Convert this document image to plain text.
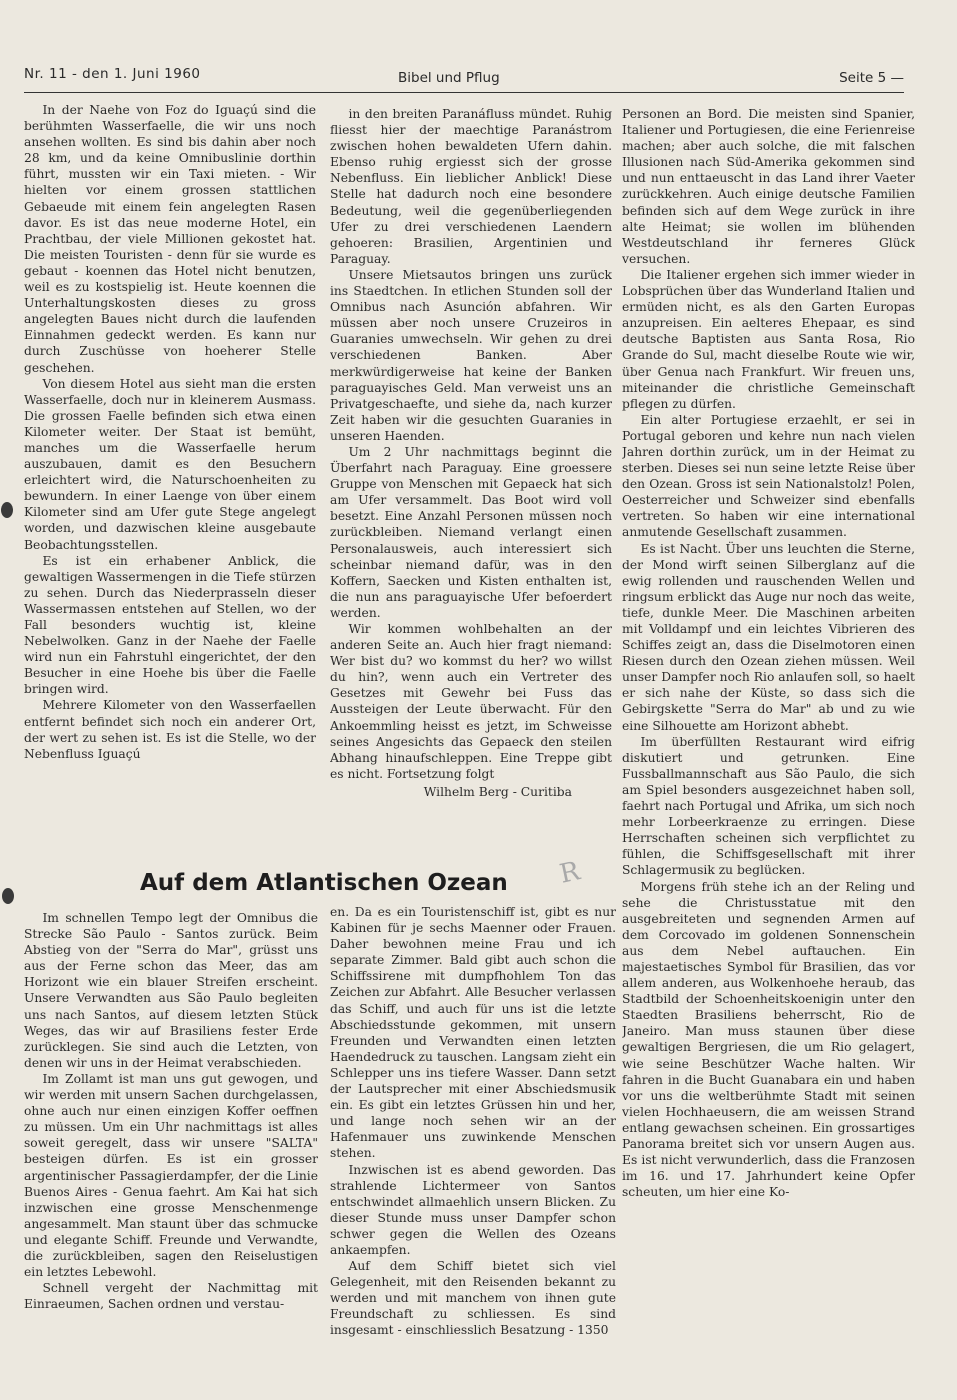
Nr. 11 - den 1. Juni 1960	Bibel und Pflug	Seite 5 —

In der Naehe von Foz do Iguaçú sind die berühmten Wasserfaelle, die wir uns noch ansehen wollten. Es sind bis dahin aber noch 28 km, und da keine Omnibuslinie dorthin führt, mussten wir ein Taxi mieten. - Wir hielten vor einem grossen stattlichen Gebaeude mit einem fein angelegten Rasen davor. Es ist das neue moderne Hotel, ein Prachtbau, der viele Millionen gekostet hat. Die meisten Touristen - denn für sie wurde es gebaut - koennen das Hotel nicht benutzen, weil es zu kostspielig ist. Heute koennen die Unterhaltungskosten dieses zu gross angelegten Baues nicht durch die laufenden Einnahmen gedeckt werden. Es kann nur durch Zuschüsse von hoeherer Stelle geschehen.

Von diesem Hotel aus sieht man die ersten Wasserfaelle, doch nur in kleinerem Ausmass. Die grossen Faelle befinden sich etwa einen Kilometer weiter. Der Staat ist bemüht, manches um die Wasserfaelle herum auszubauen, damit es den Besuchern erleichtert wird, die Naturschoenheiten zu bewundern. In einer Laenge von über einem Kilometer sind am Ufer gute Stege angelegt worden, und dazwischen kleine ausgebaute Beobachtungsstellen.

Es ist ein erhabener Anblick, die gewaltigen Wassermengen in die Tiefe stürzen zu sehen. Durch das Niederprasseln dieser Wassermassen entstehen auf Stellen, wo der Fall besonders wuchtig ist, kleine Nebelwolken. Ganz in der Naehe der Faelle wird nun ein Fahrstuhl eingerichtet, der den Besucher in eine Hoehe bis über die Faelle bringen wird.

Mehrere Kilometer von den Wasserfaellen entfernt befindet sich noch ein anderer Ort, der wert zu sehen ist. Es ist die Stelle, wo der Nebenfluss Iguaçú

in den breiten Paranáfluss mündet. Ruhig fliesst hier der maechtige Paranástrom zwischen hohen bewaldeten Ufern dahin. Ebenso ruhig ergiesst sich der grosse Nebenfluss. Ein lieblicher Anblick! Diese Stelle hat dadurch noch eine besondere Bedeutung, weil die gegenüberliegenden Ufer zu drei verschiedenen Laendern gehoeren: Brasilien, Argentinien und Paraguay.

Unsere Mietsautos bringen uns zurück ins Staedtchen. In etlichen Stunden soll der Omnibus nach Asunción abfahren. Wir müssen aber noch unsere Cruzeiros in Guaranies umwechseln. Wir gehen zu drei verschiedenen Banken. Aber merkwürdigerweise hat keine der Banken paraguayisches Geld. Man verweist uns an Privatgeschaefte, und siehe da, nach kurzer Zeit haben wir die gesuchten Guaranies in unseren Haenden.

Um 2 Uhr nachmittags beginnt die Überfahrt nach Paraguay. Eine groessere Gruppe von Menschen mit Gepaeck hat sich am Ufer versammelt. Das Boot wird voll besetzt. Eine Anzahl Personen müssen noch zurückbleiben. Niemand verlangt einen Personalausweis, auch interessiert sich scheinbar niemand dafür, was in den Koffern, Saecken und Kisten enthalten ist, die nun ans paraguayische Ufer befoerdert werden.

Wir kommen wohlbehalten an der anderen Seite an. Auch hier fragt niemand: Wer bist du? wo kommst du her? wo willst du hin?, wenn auch ein Vertreter des Gesetzes mit Gewehr bei Fuss das Aussteigen der Leute überwacht. Für den Ankoemmling heisst es jetzt, im Schweisse seines Angesichts das Gepaeck den steilen Abhang hinaufschleppen. Eine Treppe gibt es nicht. Fortsetzung folgt

Wilhelm Berg - Curitiba

Personen an Bord. Die meisten sind Spanier, Italiener und Portugiesen, die eine Ferienreise machen; aber auch solche, die mit falschen Illusionen nach Süd-Amerika gekommen sind und nun enttaeuscht in das Land ihrer Vaeter zurückkehren. Auch einige deutsche Familien befinden sich auf dem Wege zurück in ihre alte Heimat; sie wollen im blühenden Westdeutschland ihr ferneres Glück versuchen.

Die Italiener ergehen sich immer wieder in Lobsprüchen über das Wunderland Italien und ermüden nicht, es als den Garten Europas anzupreisen. Ein aelteres Ehepaar, es sind deutsche Baptisten aus Santa Rosa, Rio Grande do Sul, macht dieselbe Route wie wir, über Genua nach Frankfurt. Wir freuen uns, miteinander die christliche Gemeinschaft pflegen zu dürfen.

Ein alter Portugiese erzaehlt, er sei in Portugal geboren und kehre nun nach vielen Jahren dorthin zurück, um in der Heimat zu sterben. Dieses sei nun seine letzte Reise über den Ozean. Gross ist sein Nationalstolz! Polen, Oesterreicher und Schweizer sind ebenfalls vertreten. So haben wir eine international anmutende Gesellschaft zusammen.

Es ist Nacht. Über uns leuchten die Sterne, der Mond wirft seinen Silberglanz auf die ewig rollenden und rauschenden Wellen und ringsum erblickt das Auge nur noch das weite, tiefe, dunkle Meer. Die Maschinen arbeiten mit Volldampf und ein leichtes Vibrieren des Schiffes zeigt an, dass die Diselmotoren einen Riesen durch den Ozean ziehen müssen. Weil unser Dampfer noch Rio anlaufen soll, so haelt er sich nahe der Küste, so dass sich die Gebirgskette "Serra do Mar" ab und zu wie eine Silhouette am Horizont abhebt.

Im überfüllten Restaurant wird eifrig diskutiert und getrunken. Eine Fussballmannschaft aus São Paulo, die sich am Spiel besonders ausgezeichnet haben soll, faehrt nach Portugal und Afrika, um sich noch mehr Lorbeerkraenze zu erringen. Diese Herrschaften scheinen sich verpflichtet zu fühlen, die Schiffsgesellschaft mit ihrer Schlagermusik zu beglücken.

Morgens früh stehe ich an der Reling und sehe die Christusstatue mit den ausgebreiteten und segnenden Armen auf dem Corcovado im goldenen Sonnenschein aus dem Nebel auftauchen. Ein majestaetisches Symbol für Brasilien, das vor allem anderen, aus Wolkenhoehe heraub, das Stadtbild der Schoenheitskoenigin unter den Staedten Brasiliens beherrscht, Rio de Janeiro. Man muss staunen über diese gewaltigen Bergriesen, die um Rio gelagert, wie seine Beschützer Wache halten. Wir fahren in die Bucht Guanabara ein und haben vor uns die weltberühmte Stadt mit seinen vielen Hochhaeusern, die am weissen Strand entlang gewachsen scheinen. Ein grossartiges Panorama breitet sich vor unsern Augen aus. Es ist nicht verwunderlich, dass die Franzosen im 16. und 17. Jahrhundert keine Opfer scheuten, um hier eine Ko-

Auf dem Atlantischen Ozean	R

Im schnellen Tempo legt der Omnibus die Strecke São Paulo - Santos zurück. Beim Abstieg von der "Serra do Mar", grüsst uns aus der Ferne schon das Meer, das am Horizont wie ein blauer Streifen erscheint. Unsere Verwandten aus São Paulo begleiten uns nach Santos, auf diesem letzten Stück Weges, das wir auf Brasiliens fester Erde zurücklegen. Sie sind auch die Letzten, von denen wir uns in der Heimat verabschieden.

Im Zollamt ist man uns gut gewogen, und wir werden mit unsern Sachen durchgelassen, ohne auch nur einen einzigen Koffer oeffnen zu müssen. Um ein Uhr nachmittags ist alles soweit geregelt, dass wir unsere "SALTA" besteigen dürfen. Es ist ein grosser argentinischer Passagierdampfer, der die Linie Buenos Aires - Genua faehrt. Am Kai hat sich inzwischen eine grosse Menschenmenge angesammelt. Man staunt über das schmucke und elegante Schiff. Freunde und Verwandte, die zurückbleiben, sagen den Reiselustigen ein letztes Lebewohl.

Schnell vergeht der Nachmittag mit Einraeumen, Sachen ordnen und verstau-

en. Da es ein Touristenschiff ist, gibt es nur Kabinen für je sechs Maenner oder Frauen. Daher bewohnen meine Frau und ich separate Zimmer. Bald gibt auch schon die Schiffssirene mit dumpfhohlem Ton das Zeichen zur Abfahrt. Alle Besucher verlassen das Schiff, und auch für uns ist die letzte Abschiedsstunde gekommen, mit unsern Freunden und Verwandten einen letzten Haendedruck zu tauschen. Langsam zieht ein Schlepper uns ins tiefere Wasser. Dann setzt der Lautsprecher mit einer Abschiedsmusik ein. Es gibt ein letztes Grüssen hin und her, und lange noch sehen wir an der Hafenmauer uns zuwinkende Menschen stehen.

Inzwischen ist es abend geworden. Das strahlende Lichtermeer von Santos entschwindet allmaehlich unsern Blicken. Zu dieser Stunde muss unser Dampfer schon schwer gegen die Wellen des Ozeans ankaempfen.

Auf dem Schiff bietet sich viel Gelegenheit, mit den Reisenden bekannt zu werden und mit manchem von ihnen gute Freundschaft zu schliessen. Es sind insgesamt - einschliesslich Besatzung - 1350
